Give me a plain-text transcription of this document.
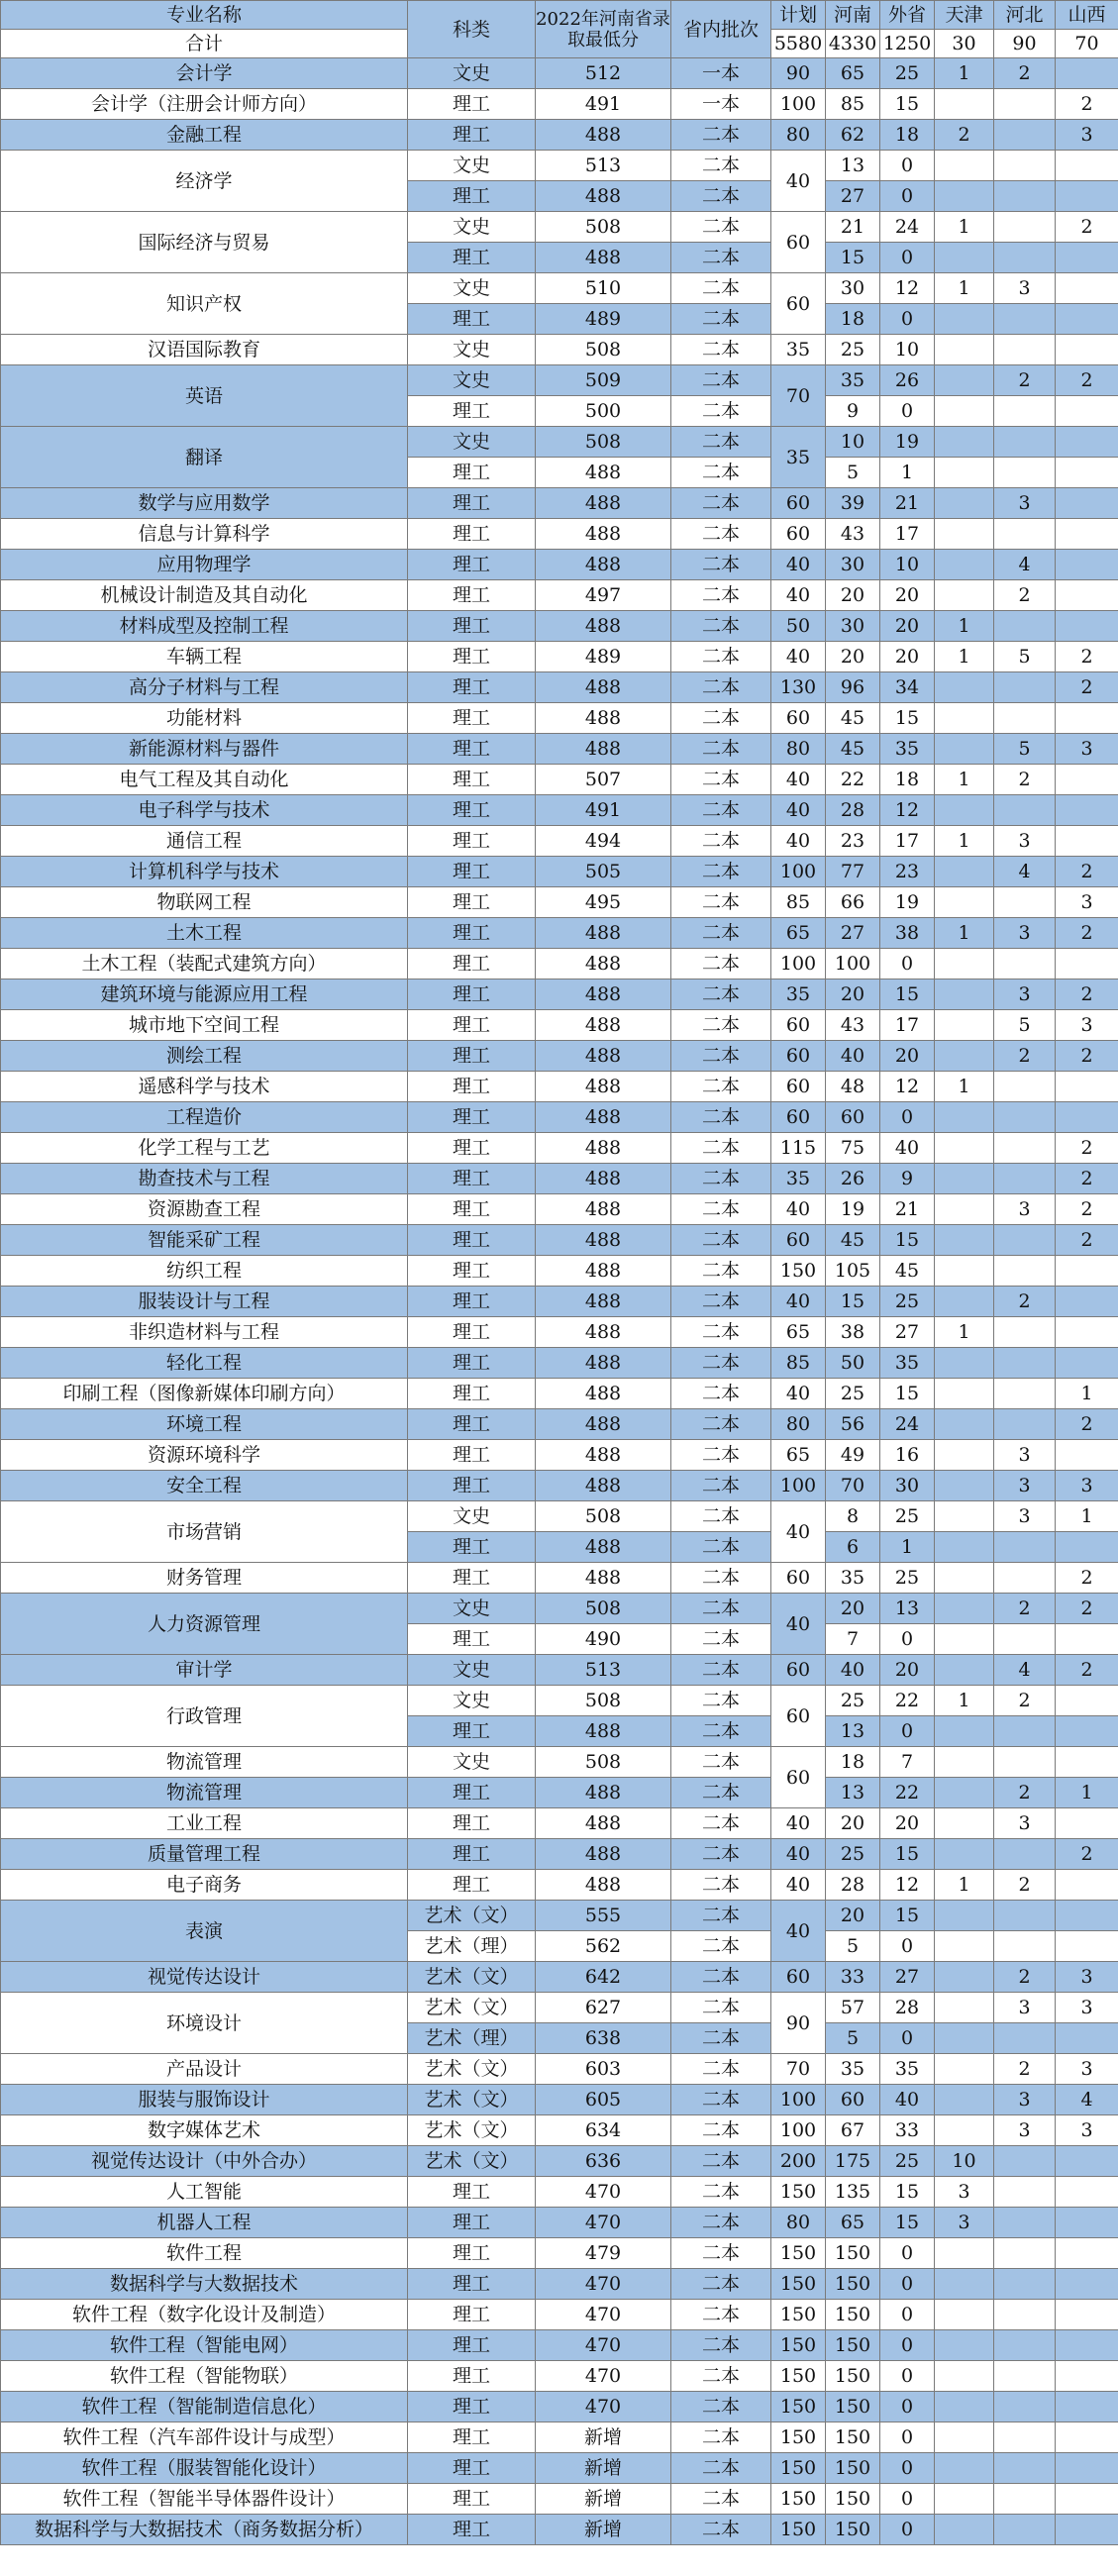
专业名称	科类	2022年河南省录取最低分	省内批次	计划	河南	外省	天津	河北	山西
合计				5580	4330	1250	30	90	70
会计学	文史	512	一本	90	65	25	1	2	
会计学（注册会计师方向）	理工	491	一本	100	85	15			2
金融工程	理工	488	二本	80	62	18	2		3
经济学	文史	513	二本	40	13	0			
	理工	488	二本		27	0			
国际经济与贸易	文史	508	二本	60	21	24	1		2
	理工	488	二本		15	0			
知识产权	文史	510	二本	60	30	12	1	3	
	理工	489	二本		18	0			
汉语国际教育	文史	508	二本	35	25	10			
英语	文史	509	二本	70	35	26		2	2
	理工	500	二本		9	0			
翻译	文史	508	二本	35	10	19			
	理工	488	二本		5	1			
数学与应用数学	理工	488	二本	60	39	21		3	
信息与计算科学	理工	488	二本	60	43	17			
应用物理学	理工	488	二本	40	30	10		4	
机械设计制造及其自动化	理工	497	二本	40	20	20		2	
材料成型及控制工程	理工	488	二本	50	30	20	1		
车辆工程	理工	489	二本	40	20	20	1	5	2
高分子材料与工程	理工	488	二本	130	96	34			2
功能材料	理工	488	二本	60	45	15			
新能源材料与器件	理工	488	二本	80	45	35		5	3
电气工程及其自动化	理工	507	二本	40	22	18	1	2	
电子科学与技术	理工	491	二本	40	28	12			
通信工程	理工	494	二本	40	23	17	1	3	
计算机科学与技术	理工	505	二本	100	77	23		4	2
物联网工程	理工	495	二本	85	66	19			3
土木工程	理工	488	二本	65	27	38	1	3	2
土木工程（装配式建筑方向）	理工	488	二本	100	100	0			
建筑环境与能源应用工程	理工	488	二本	35	20	15		3	2
城市地下空间工程	理工	488	二本	60	43	17		5	3
测绘工程	理工	488	二本	60	40	20		2	2
遥感科学与技术	理工	488	二本	60	48	12	1		
工程造价	理工	488	二本	60	60	0			
化学工程与工艺	理工	488	二本	115	75	40			2
勘查技术与工程	理工	488	二本	35	26	9			2
资源勘查工程	理工	488	二本	40	19	21		3	2
智能采矿工程	理工	488	二本	60	45	15			2
纺织工程	理工	488	二本	150	105	45			
服装设计与工程	理工	488	二本	40	15	25		2	
非织造材料与工程	理工	488	二本	65	38	27	1		
轻化工程	理工	488	二本	85	50	35			
印刷工程（图像新媒体印刷方向）	理工	488	二本	40	25	15			1
环境工程	理工	488	二本	80	56	24			2
资源环境科学	理工	488	二本	65	49	16		3	
安全工程	理工	488	二本	100	70	30		3	3
市场营销	文史	508	二本	40	8	25		3	1
	理工	488	二本		6	1			
财务管理	理工	488	二本	60	35	25			2
人力资源管理	文史	508	二本	40	20	13		2	2
	理工	490	二本		7	0			
审计学	文史	513	二本	60	40	20		4	2
行政管理	文史	508	二本	60	25	22	1	2	
	理工	488	二本		13	0			
物流管理	文史	508	二本	60	18	7			
物流管理	理工	488	二本		13	22		2	1
工业工程	理工	488	二本	40	20	20		3	
质量管理工程	理工	488	二本	40	25	15			2
电子商务	理工	488	二本	40	28	12	1	2	
表演	艺术（文）	555	二本	40	20	15			
	艺术（理）	562	二本		5	0			
视觉传达设计	艺术（文）	642	二本	60	33	27		2	3
环境设计	艺术（文）	627	二本	90	57	28		3	3
	艺术（理）	638	二本		5	0			
产品设计	艺术（文）	603	二本	70	35	35		2	3
服装与服饰设计	艺术（文）	605	二本	100	60	40		3	4
数字媒体艺术	艺术（文）	634	二本	100	67	33		3	3
视觉传达设计（中外合办）	艺术（文）	636	二本	200	175	25	10		
人工智能	理工	470	二本	150	135	15	3		
机器人工程	理工	470	二本	80	65	15	3		
软件工程	理工	479	二本	150	150	0			
数据科学与大数据技术	理工	470	二本	150	150	0			
软件工程（数字化设计及制造）	理工	470	二本	150	150	0			
软件工程（智能电网）	理工	470	二本	150	150	0			
软件工程（智能物联）	理工	470	二本	150	150	0			
软件工程（智能制造信息化）	理工	470	二本	150	150	0			
软件工程（汽车部件设计与成型）	理工	新增	二本	150	150	0			
软件工程（服装智能化设计）	理工	新增	二本	150	150	0			
软件工程（智能半导体器件设计）	理工	新增	二本	150	150	0			
数据科学与大数据技术（商务数据分析）	理工	新增	二本	150	150	0			
